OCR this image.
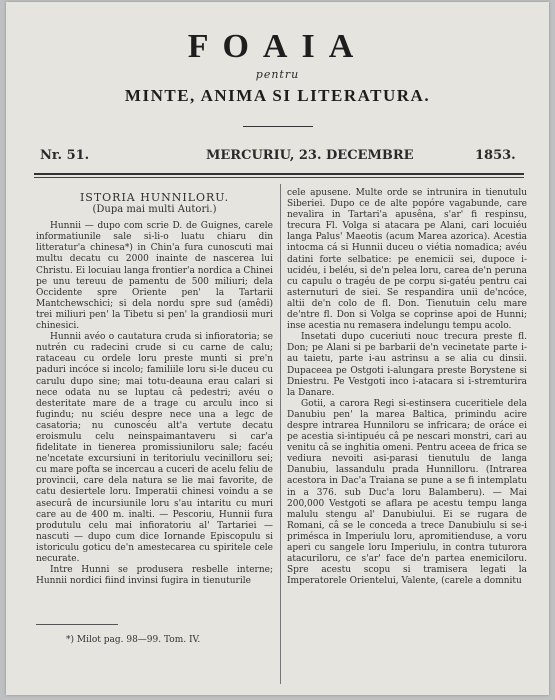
FOAIA
pentru
MINTE, ANIMA SI LITERATURA.
Nr. 51.	MERCURIU, 23. DECEMBRE	1853.
ISTORIA HUNNILORU.
(Dupa mai multi Autori.)

Hunnii — dupo com scrie D. de Guignes, carele informatiunile sale si-li-o luatu chiaru din litteratur'a chinesa*) in Chin'a fura cunoscuti mai multu decatu cu 2000 inainte de nascerea lui Christu. Ei locuiau langa frontier'a nordica a Chinei pe unu tereuu de pamentu de 500 miliuri; dela Occidente spre Oriente pen' la Tartarii Mantchewschici; si dela nordu spre sud (amêdi) trei miliuri pen' la Tibetu si pen' la grandiosii muri chinesici.

Hunnii avéo o cautatura cruda si infioratoria; se nutrén cu radecini crude si cu carne de calu; rataceau cu ordele loru preste munti si pre'n paduri incóce si incolo; familiile loru si-le duceu cu carulu dupo sine; mai totu-deauna erau calari si nece odata nu se luptau câ pedestri; avéu o desteritate mare de a trage cu arculu inco si fugindu; nu sciéu despre nece una a legc de casatoria; nu cunoscéu alt'a vertute decatu eroismulu celu neinspaimantaveru si car'a fidelitate in tienerea promissiuniloru sale; facéu ne'ncetate excursiuni in teritoriulu vecinilloru sei; cu mare pofta se incercau a cuceri de acelu feliu de provincii, care dela natura se lie mai favorite, de catu desiertele loru. Imperatii chinesi voindu a se asecurâ de incursiunile loru s'au intaritu cu muri care au de 400 m. inalti. — Pescoriu, Hunnii fura produtulu celu mai infioratoriu al' Tartariei — nascuti — dupo cum dice Iornande Episcopulu si istoriculu goticu de'n amestecarea cu spiritele cele necurate.

Intre Hunni se produsera resbelle interne; Hunnii nordici fiind invinsi fugira in tienuturile

cele apusene. Multe orde se intrunira in tienutulu Siberiei. Dupo ce de alte popóre vagabunde, care nevalira in Tartari'a apusêna, s'ar' fi respinsu, trecura Fl. Volga si atacara pe Alani, cari locuiéu langa Palus' Maeotis (acum Marea azorica). Acestia intocma cá si Hunnii duceu o viétia nomadica; avéu datini forte selbatice: pe enemicii sei, dupoce i-ucidéu, i beléu, si de'n pelea loru, carea de'n peruna cu capulu o tragéu de pe corpu si-gatéu pentru cai asternuturi de siei. Se respandira unii de'ncóce, altii de'n colo de fl. Don. Tienutuin celu mare de'ntre fl. Don si Volga se coprinse apoi de Hunni; inse acestia nu remasera indelungu tempu acolo.

Insetati dupo cuceriuti nouc trecura preste fl. Don; pe Alani si pe barbarii de'n vecinetate parte i-au taietu, parte i-au astrinsu a se alia cu dinsii. Dupaceea pe Ostgoti i-alungara preste Borystene si Dniestru. Pe Vestgoti inco i-atacara si i-stremturira la Danare.

Gotii, a carora Regi si-estinsera cuceritiele dela Danubiu pen' la marea Baltica, primindu acire despre intrarea Hunniloru se infricara; de oráce ei pe acestia si-intipuéu câ pe nescari monstri, cari au venitu câ se inghitia omeni. Pentru aceea de frica se vediura nevoiti asi-parasi tienutulu de langa Danubiu, lassandulu prada Hunnilloru. (Intrarea acestora in Dac'a Traiana se pune a se fi intemplatu in a 376. sub Duc'a loru Balamberu). — Mai 200,000 Vestgoti se aflara pe acestu tempu langa malulu stengu al' Danubiului. Ei se rugara de Romani, câ se le conceda a trece Danubiulu si se-i primésca in Imperiulu loru, apromitienduse, a voru aperi cu sangele loru Imperiulu, in contra tuturora atacuriloru, ce s'ar' face de'n partea enemiciloru. Spre acestu scopu si tramisera legati la Imperatorele Orientelui, Valente, (carele a domnitu

*) Milot pag. 98—99. Tom. IV.
